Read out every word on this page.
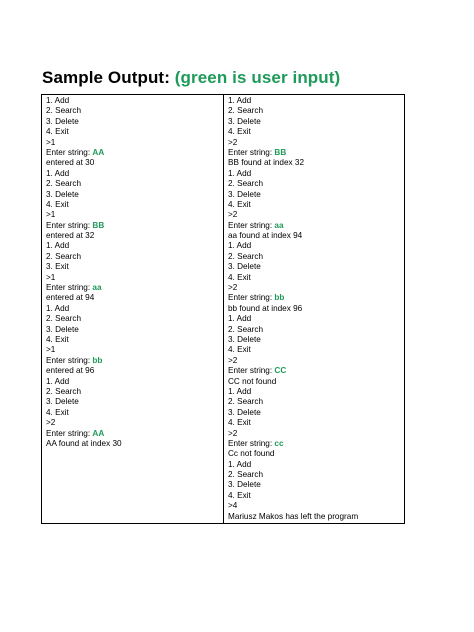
Sample Output: (green is user input)
1. Add
2. Search
3. Delete
4. Exit
>1
Enter string: AA
entered at 30
1. Add
2. Search
3. Delete
4. Exit
>1
Enter string: BB
entered at 32
1. Add
2. Search
3. Exit
>1
Enter string: aa
entered at 94
1. Add
2. Search
3. Delete
4. Exit
>1
Enter string: bb
entered at 96
1. Add
2. Search
3. Delete
4. Exit
>2
Enter string: AA
AA found at index 30
1. Add
2. Search
3. Delete
4. Exit
>2
Enter string: BB
BB found at index 32
1. Add
2. Search
3. Delete
4. Exit
>2
Enter string: aa
aa found at index 94
1. Add
2. Search
3. Delete
4. Exit
>2
Enter string: bb
bb found at index 96
1. Add
2. Search
3. Delete
4. Exit
>2
Enter string: CC
CC not found
1. Add
2. Search
3. Delete
4. Exit
>2
Enter string: cc
Cc not found
1. Add
2. Search
3. Delete
4. Exit
>4
Mariusz Makos has left the program
